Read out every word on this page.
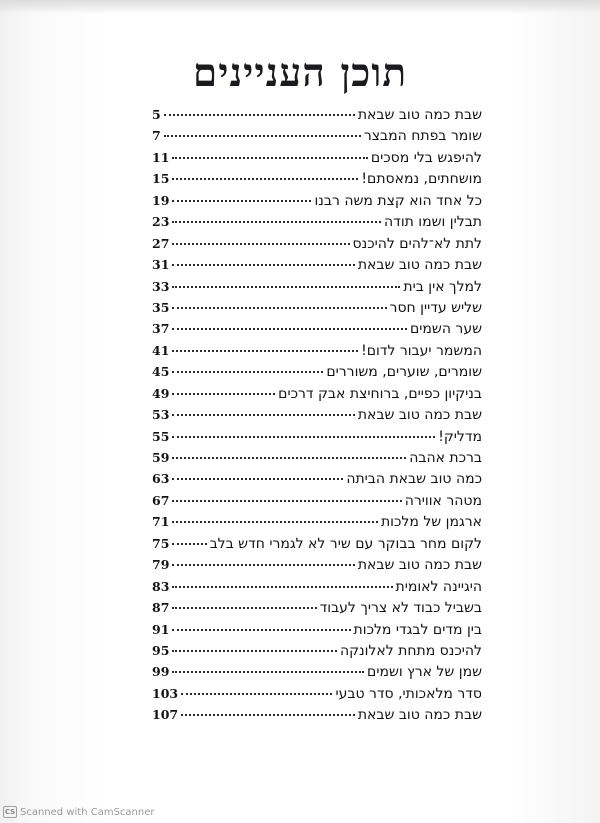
תוכן העניינים
שבת כמה טוב שבאת
5
שומר בפתח המבצר
7
להיפגש בלי מסכים
11
מושחתים, נמאסתם!
15
כל אחד הוא קצת משה רבנו
19
תבלין ושמו תודה
23
לתת לא־להים להיכנס
27
שבת כמה טוב שבאת
31
למלך אין בית
33
שליש עדיין חסר
35
שער השמים
37
המשמר יעבור לדום!
41
שומרים, שוערים, משוררים
45
בניקיון כפיים, ברוחיצת אבק דרכים
49
שבת כמה טוב שבאת
53
מדליק!
55
ברכת אהבה
59
כמה טוב שבאת הביתה
63
מטהר אווירה
67
ארגמן של מלכות
71
לקום מחר בבוקר עם שיר לא לגמרי חדש בלב
75
שבת כמה טוב שבאת
79
היגיינה לאומית
83
בשביל כבוד לא צריך לעבוד
87
בין מדים לבגדי מלכות
91
להיכנס מתחת לאלונקה
95
שמן של ארץ ושמים
99
סדר מלאכותי, סדר טבעי
103
שבת כמה טוב שבאת
107
CS Scanned with CamScanner
